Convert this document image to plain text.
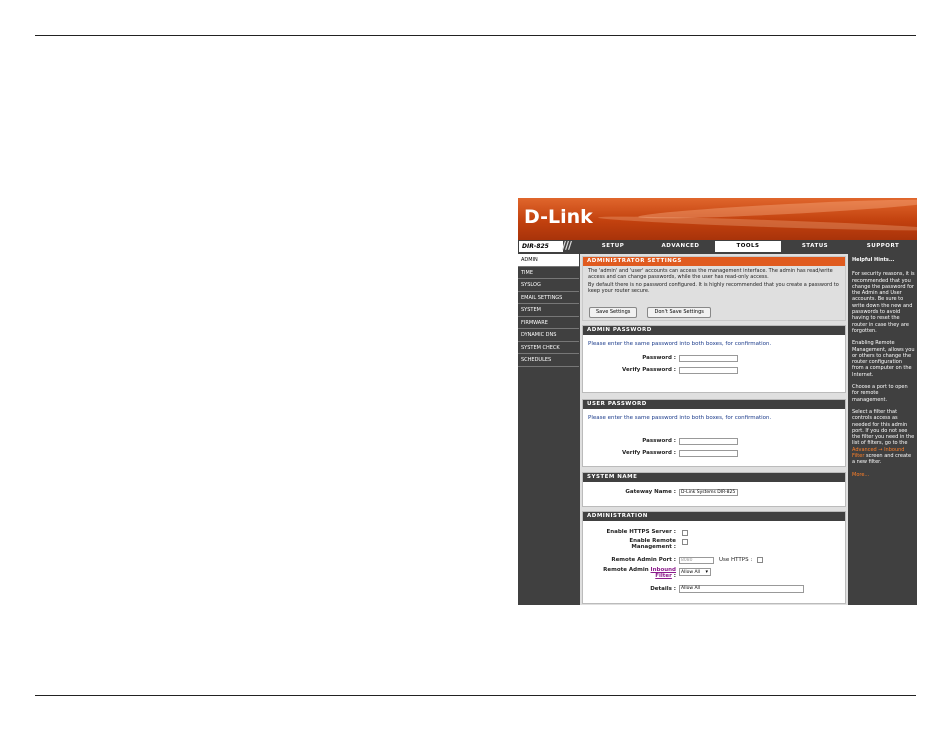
D-Link
DIR-825	///	SETUP	ADVANCED	TOOLS	STATUS	SUPPORT
ADMIN
TIME
SYSLOG
EMAIL SETTINGS
SYSTEM
FIRMWARE
DYNAMIC DNS
SYSTEM CHECK
SCHEDULES
ADMINISTRATOR SETTINGS

The 'admin' and 'user' accounts can access the management interface. The admin has read/write access and can change passwords, while the user has read-only access.

By default there is no password configured. It is highly recommended that you create a password to keep your router secure.

Save Settings	Don't Save Settings
ADMIN PASSWORD
Please enter the same password into both boxes, for confirmation.
Password :
Verify Password :
USER PASSWORD
Please enter the same password into both boxes, for confirmation.
Password :
Verify Password :
SYSTEM NAME
Gateway Name :	D-Link Systems DIR-825
ADMINISTRATION
Enable HTTPS Server :
Enable Remote
Management :
Remote Admin Port :	8080	Use HTTPS :
Remote Admin Inbound
Filter :
Allow All ▾
Details :	Allow All

Helpful Hints...

For security reasons, it is recommended that you change the password for the Admin and User accounts. Be sure to write down the new and passwords to avoid having to reset the router in case they are forgotten.

Enabling Remote Management, allows you or others to change the router configuration from a computer on the Internet.

Choose a port to open for remote management.

Select a filter that controls access as needed for this admin port. If you do not see the filter you need in the list of filters, go to the Advanced → Inbound Filter screen and create a new filter.

More...
